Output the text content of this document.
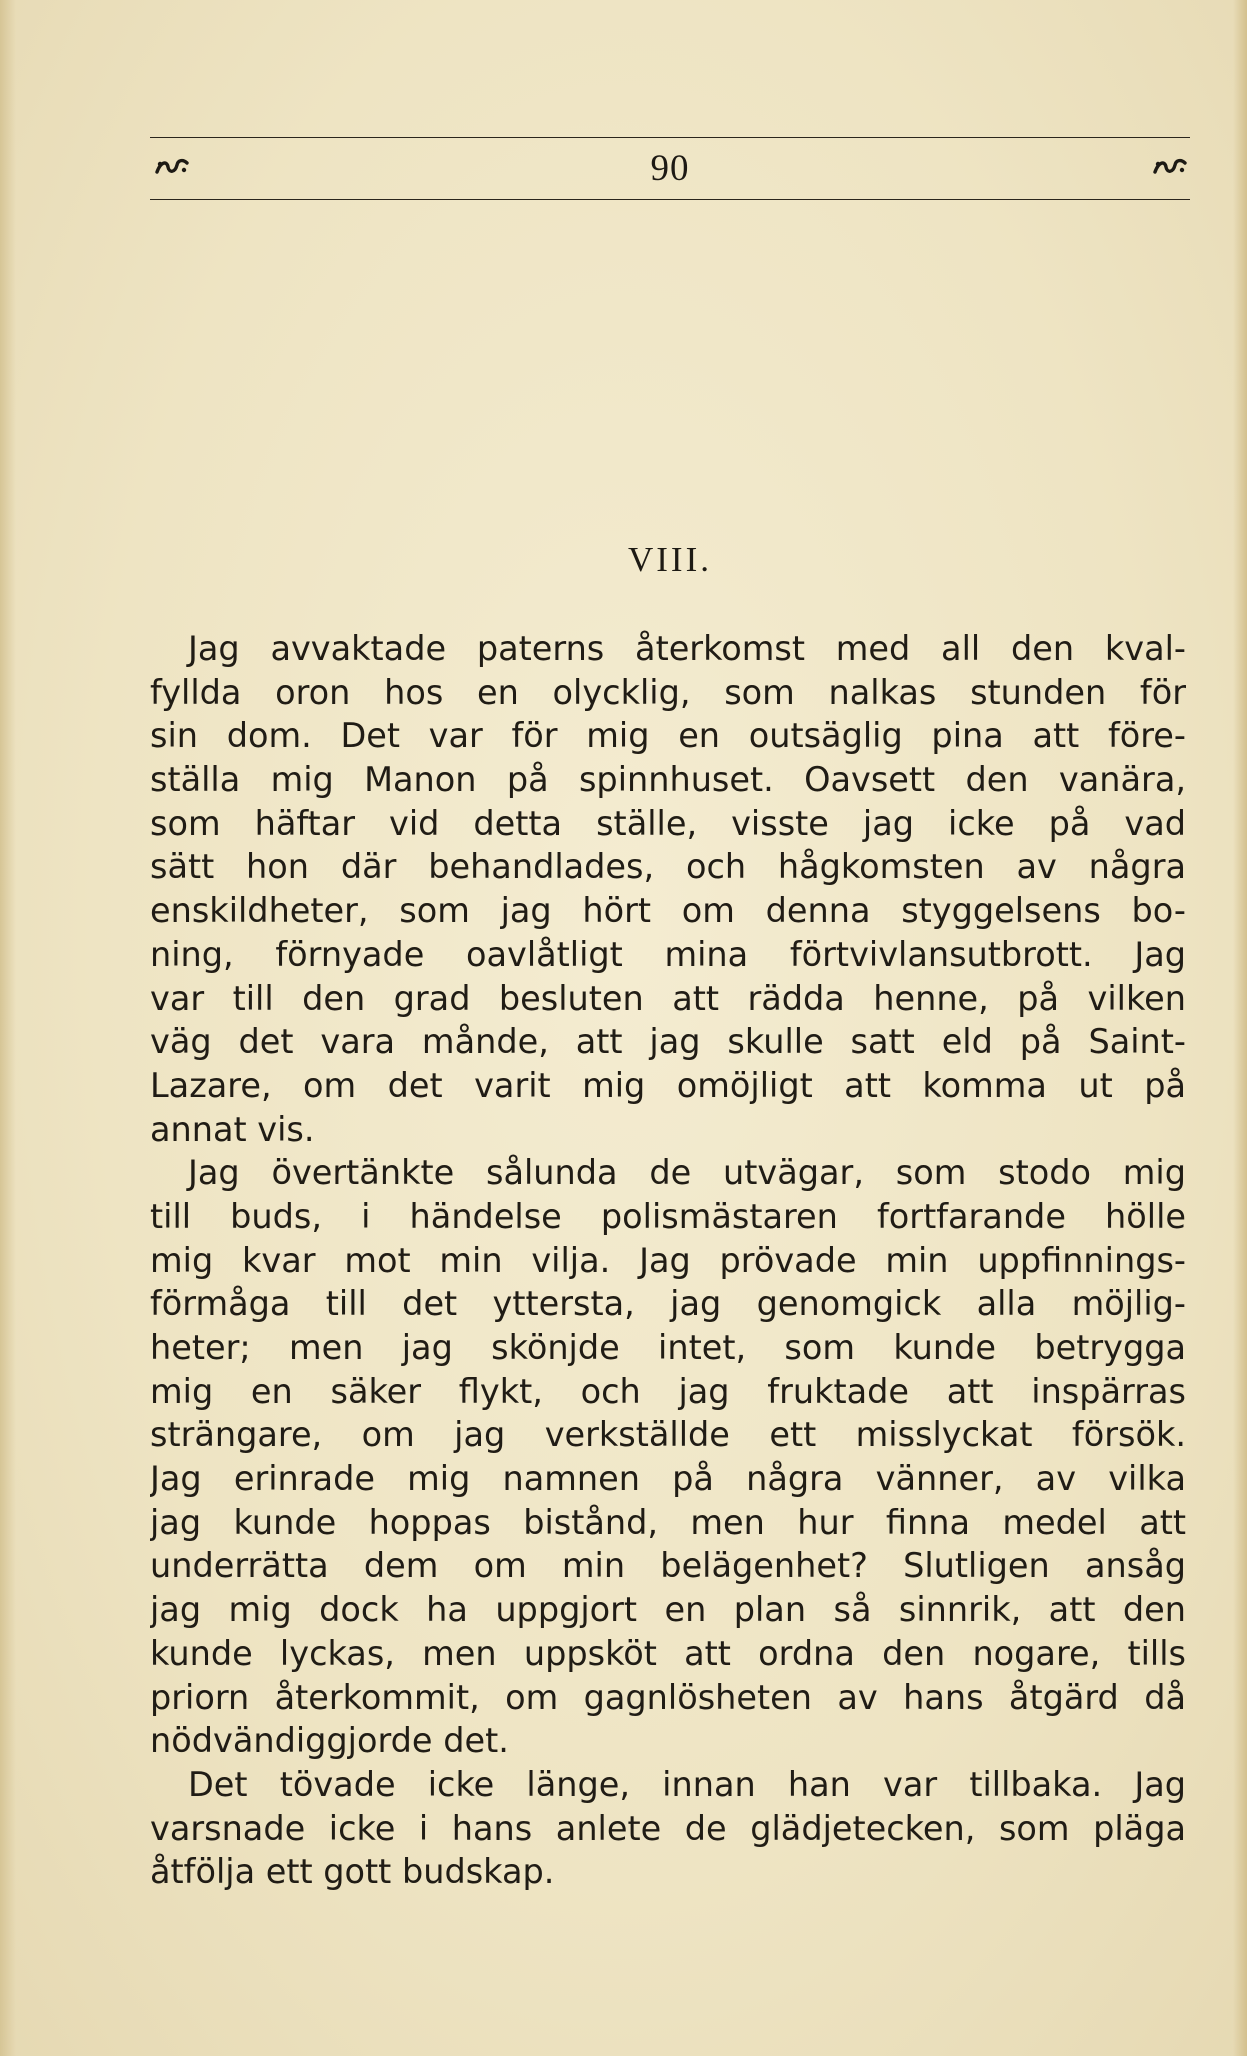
90
VIII.
Jag avvaktade paterns återkomst med all den kval-
fyllda oron hos en olycklig, som nalkas stunden för
sin dom. Det var för mig en outsäglig pina att före-
ställa mig Manon på spinnhuset. Oavsett den vanära,
som häftar vid detta ställe, visste jag icke på vad
sätt hon där behandlades, och hågkomsten av några
enskildheter, som jag hört om denna styggelsens bo-
ning, förnyade oavlåtligt mina förtvivlansutbrott. Jag
var till den grad besluten att rädda henne, på vilken
väg det vara månde, att jag skulle satt eld på Saint-
Lazare, om det varit mig omöjligt att komma ut på
annat vis.
Jag övertänkte sålunda de utvägar, som stodo mig
till buds, i händelse polismästaren fortfarande hölle
mig kvar mot min vilja. Jag prövade min uppfinnings-
förmåga till det yttersta, jag genomgick alla möjlig-
heter; men jag skönjde intet, som kunde betrygga
mig en säker flykt, och jag fruktade att inspärras
strängare, om jag verkställde ett misslyckat försök.
Jag erinrade mig namnen på några vänner, av vilka
jag kunde hoppas bistånd, men hur finna medel att
underrätta dem om min belägenhet? Slutligen ansåg
jag mig dock ha uppgjort en plan så sinnrik, att den
kunde lyckas, men uppsköt att ordna den nogare, tills
priorn återkommit, om gagnlösheten av hans åtgärd då
nödvändiggjorde det.
Det tövade icke länge, innan han var tillbaka. Jag
varsnade icke i hans anlete de glädjetecken, som pläga
åtfölja ett gott budskap.
